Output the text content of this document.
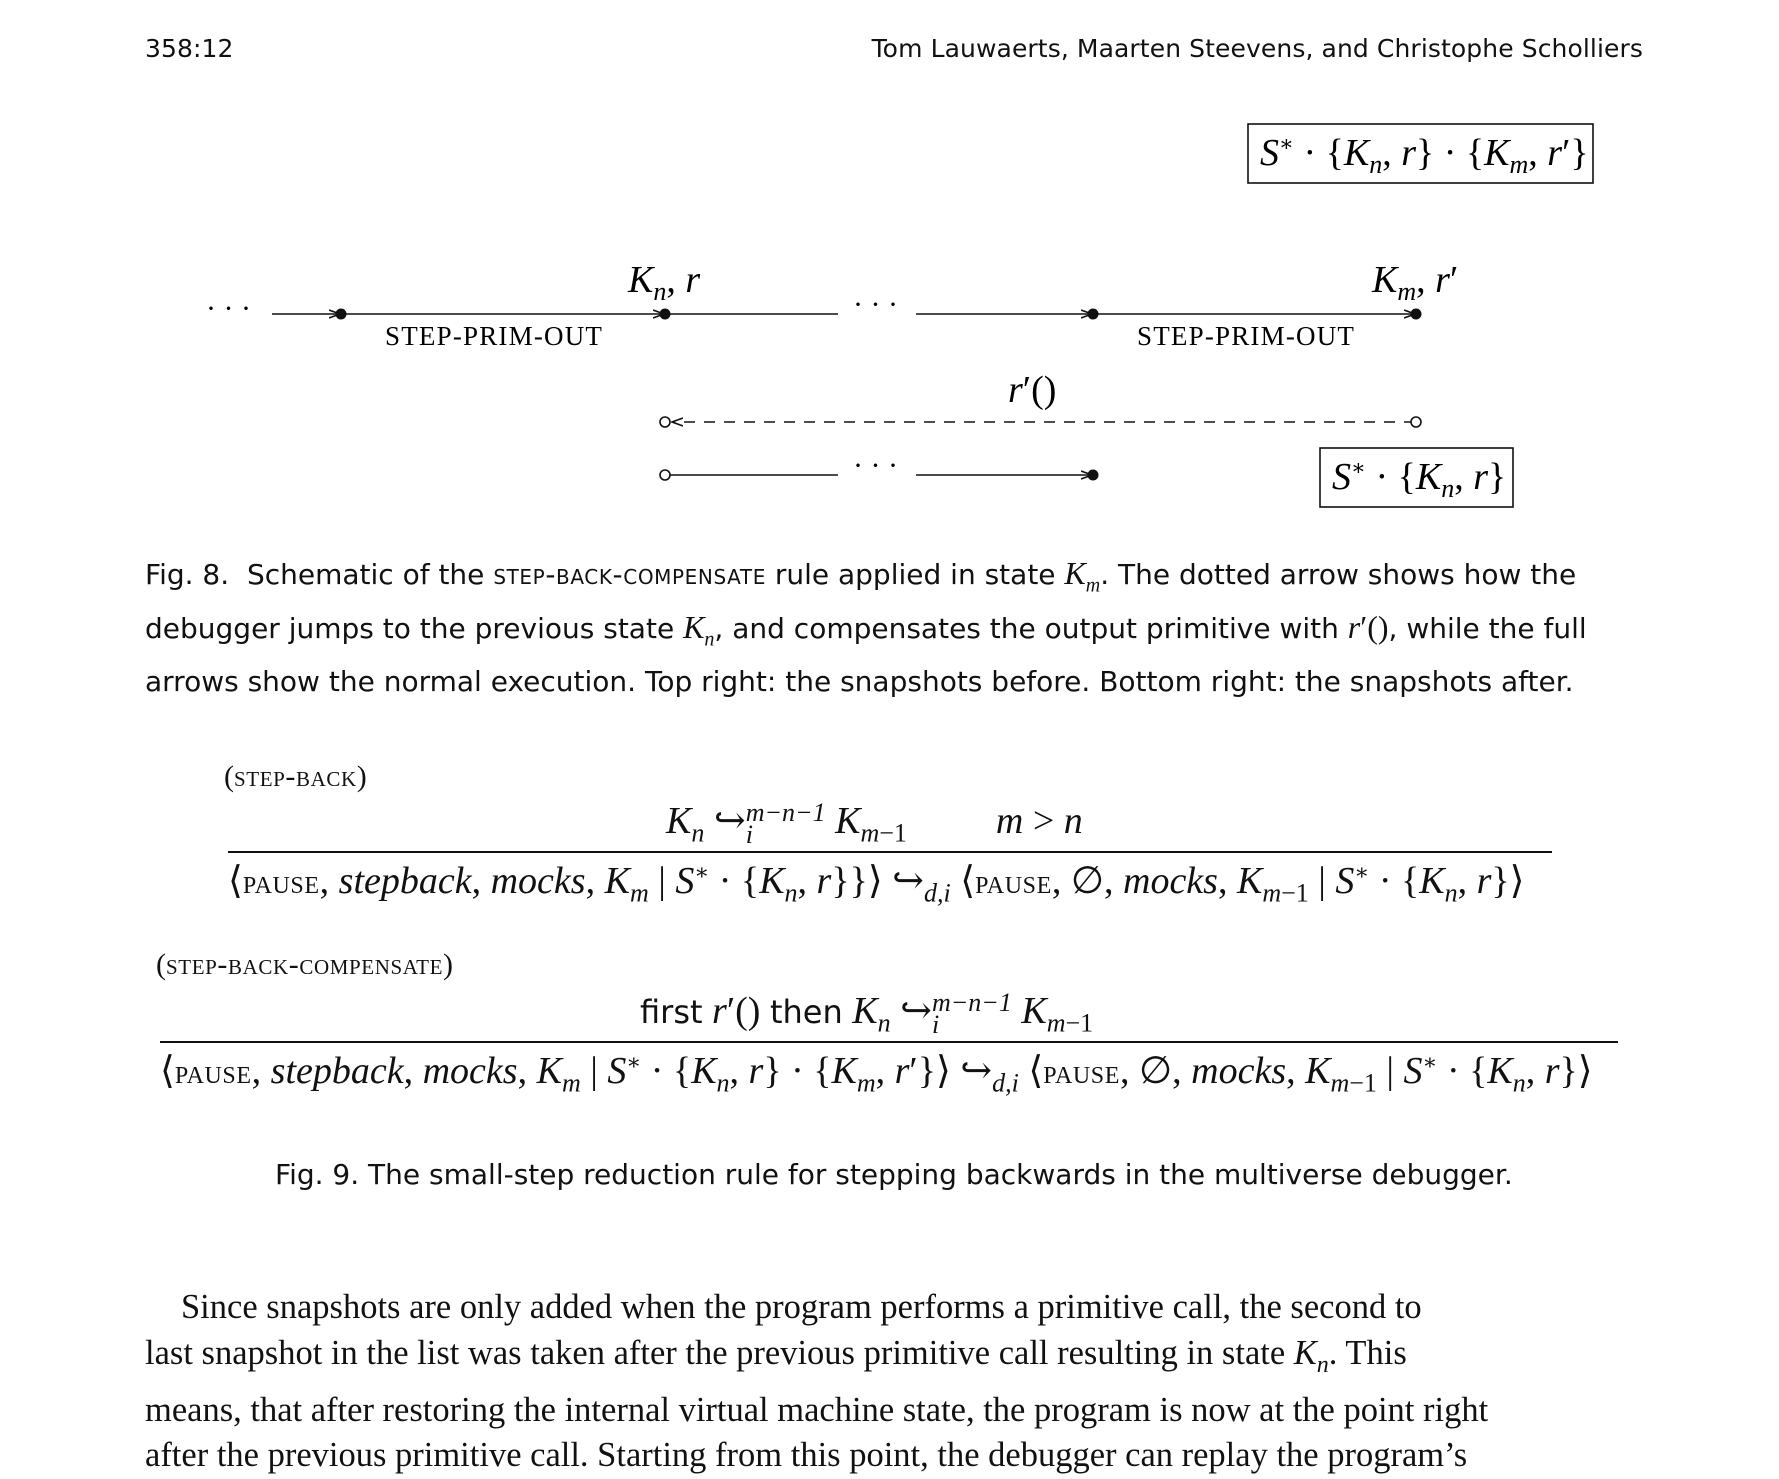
358:12	Tom Lauwaerts, Maarten Steevens, and Christophe Scholliers
$S^∗ \cdot \{K_n$, $r\} \cdot \{K_m$, r′}
· · ·	· · ·
$K_n$, r	$K_m$, r′
STEP-PRIM-OUT	STEP-PRIM-OUT
r′()
· · ·	$S^∗ \cdot \{K_n$, r}
Fig. 8.  Schematic of the step-back-compensate rule applied in state $K_m$. The dotted arrow shows how the
debugger jumps to the previous state $K_n$, and compensates the output primitive with r′(), while the full
arrows show the normal execution. Top right: the snapshots before. Bottom right: the snapshots after.
(step-back)
$K_n$ ↪ m−n−1
i	$K_{m-1}$ m > n
⟨pause, stepback, mocks, $K_m$ | $S^∗ \cdot \{K_n$, r}}⟩ $↪_{d,i}$ ⟨pause, ∅, mocks, $K_{m-1}$ | $S^∗ \cdot \{K_n$, r}⟩
(step-back-compensate)
first r′() then $K_n$ ↪ m−n−1
i	$K_{m-1}$
⟨pause, stepback, mocks, $K_m$ | $S^∗ \cdot \{K_n$, $r\} \cdot \{K_m$, r′}⟩ $↪_{d,i}$ ⟨pause, ∅, mocks, $K_{m-1}$ | $S^∗ \cdot \{K_n$, r}⟩
Fig. 9. The small-step reduction rule for stepping backwards in the multiverse debugger.
Since snapshots are only added when the program performs a primitive call, the second to
last snapshot in the list was taken after the previous primitive call resulting in state $K_n$. This
means, that after restoring the internal virtual machine state, the program is now at the point right
after the previous primitive call. Starting from this point, the debugger can replay the program’s
